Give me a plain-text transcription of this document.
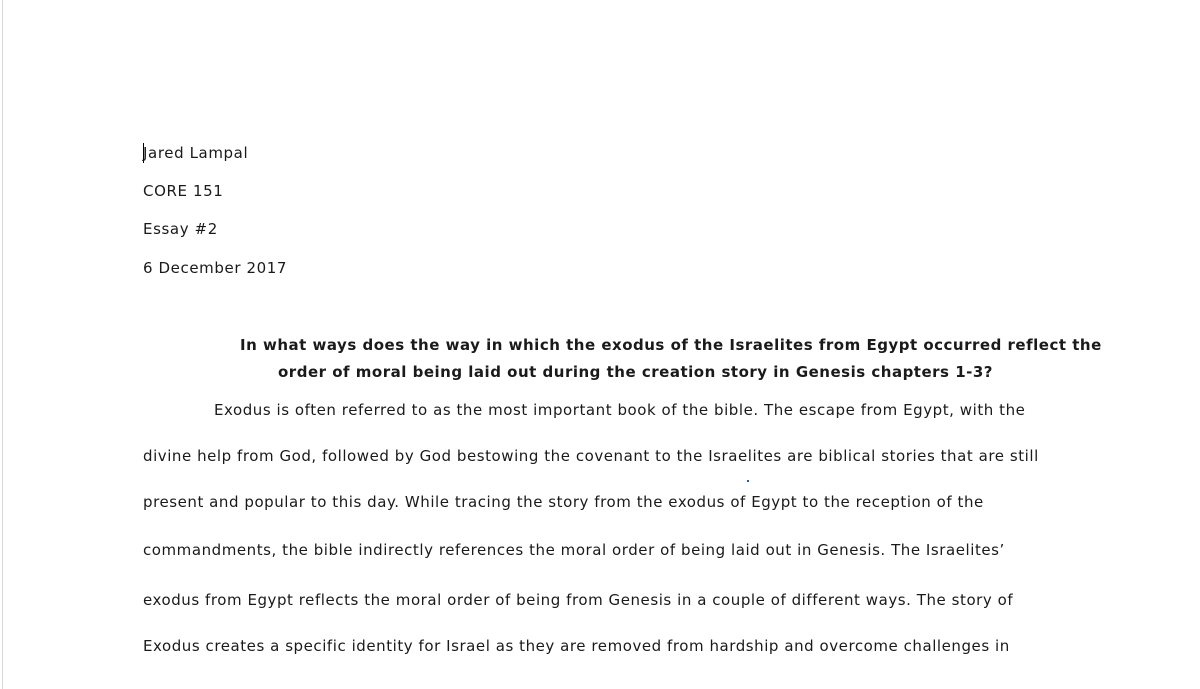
Jared Lampal
CORE 151
Essay #2
6 December 2017
In what ways does the way in which the exodus of the Israelites from Egypt occurred reflect the
order of moral being laid out during the creation story in Genesis chapters 1-3?
Exodus is often referred to as the most important book of the bible. The escape from Egypt, with the
divine help from God, followed by God bestowing the covenant to the Israelites are biblical stories that are still
present and popular to this day. While tracing the story from the exodus of Egypt to the reception of the
commandments, the bible indirectly references the moral order of being laid out in Genesis. The Israelites’
exodus from Egypt reflects the moral order of being from Genesis in a couple of different ways. The story of
Exodus creates a specific identity for Israel as they are removed from hardship and overcome challenges in
